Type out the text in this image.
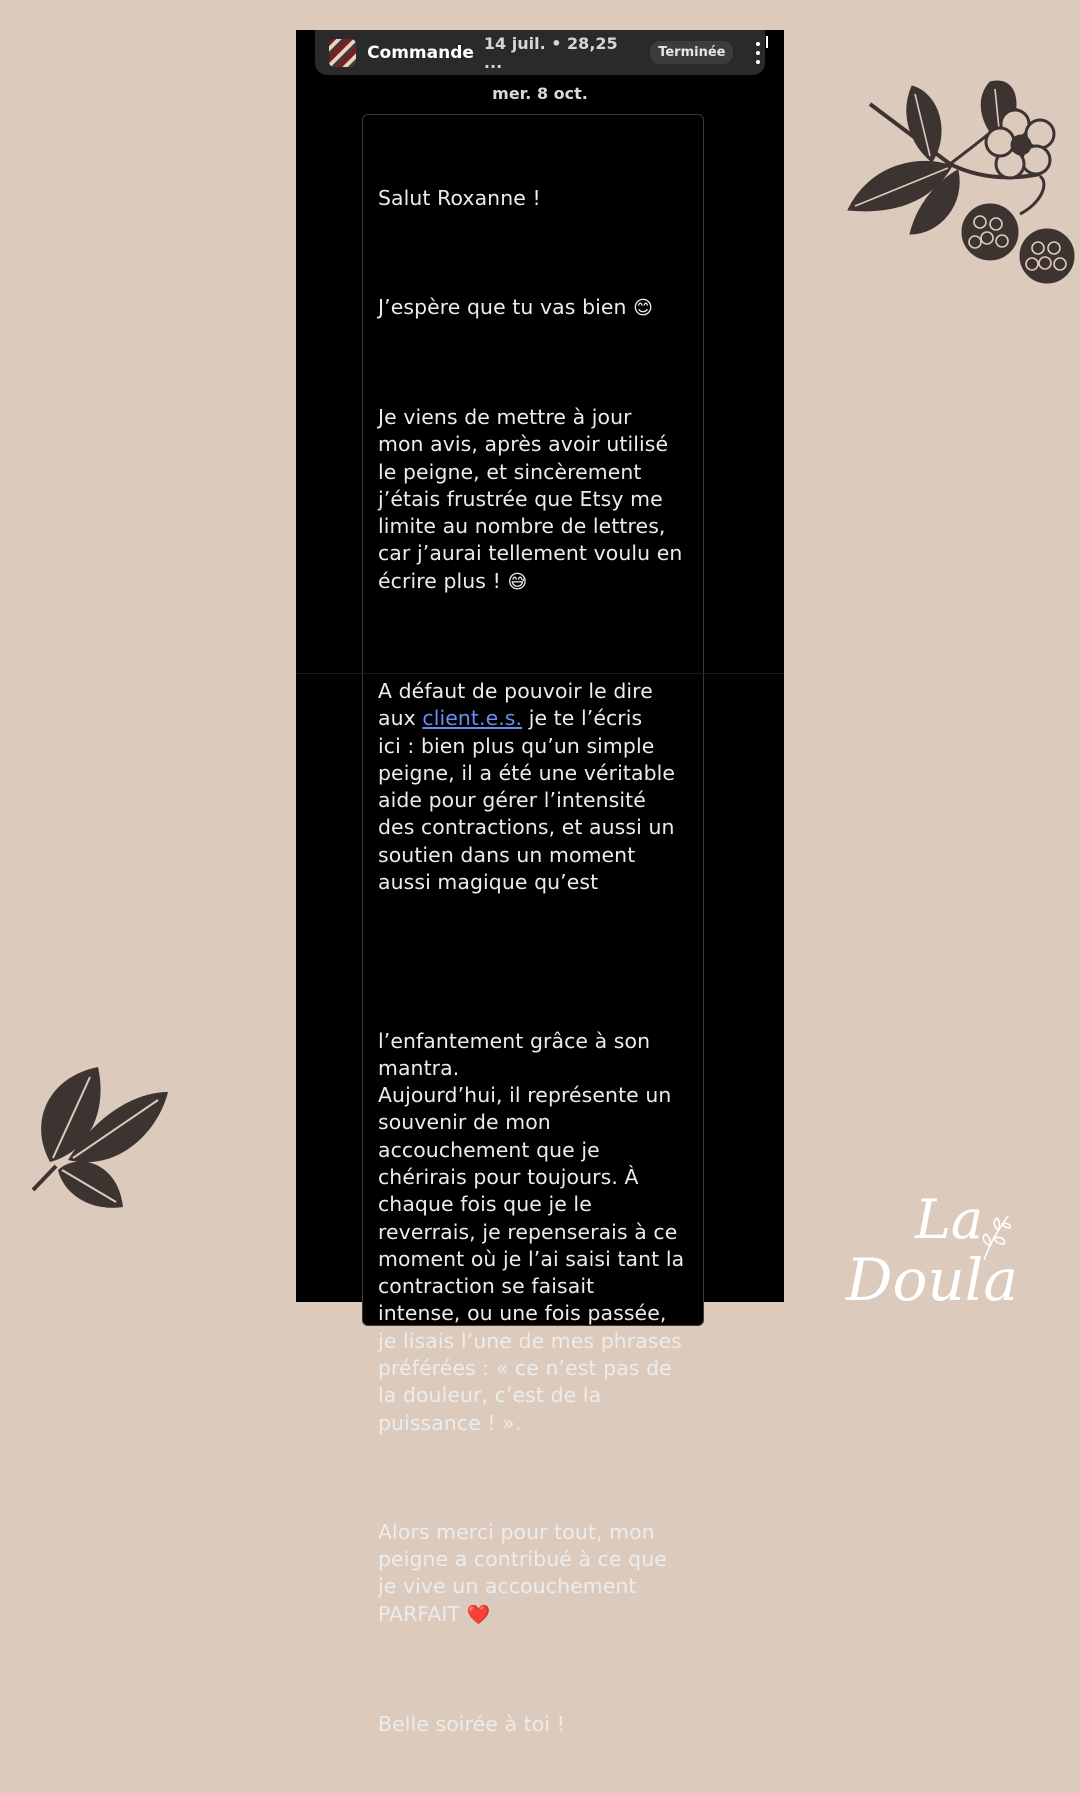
Commande 14 juil. • 28,25 ...	Terminée
mer. 8 oct.

Salut Roxanne !

J’espère que tu vas bien 😊

Je viens de mettre à jour
mon avis, après avoir utilisé
le peigne, et sincèrement
j’étais frustrée que Etsy me
limite au nombre de lettres,
car j’aurai tellement voulu en
écrire plus ! 😅

A défaut de pouvoir le dire
aux client.e.s. je te l’écris
ici : bien plus qu’un simple
peigne, il a été une véritable
aide pour gérer l’intensité
des contractions, et aussi un
soutien dans un moment
aussi magique qu’est

l’enfantement grâce à son
mantra.
Aujourd’hui, il représente un
souvenir de mon
accouchement que je
chérirais pour toujours. À
chaque fois que je le
reverrais, je repenserais à ce
moment où je l’ai saisi tant la
contraction se faisait
intense, ou une fois passée,
je lisais l’une de mes phrases
préférées : « ce n’est pas de
la douleur, c’est de la
puissance ! ».

Alors merci pour tout, mon
peigne a contribué à ce que
je vive un accouchement
PARFAIT ❤️

Belle soirée à toi !

La
Doula
